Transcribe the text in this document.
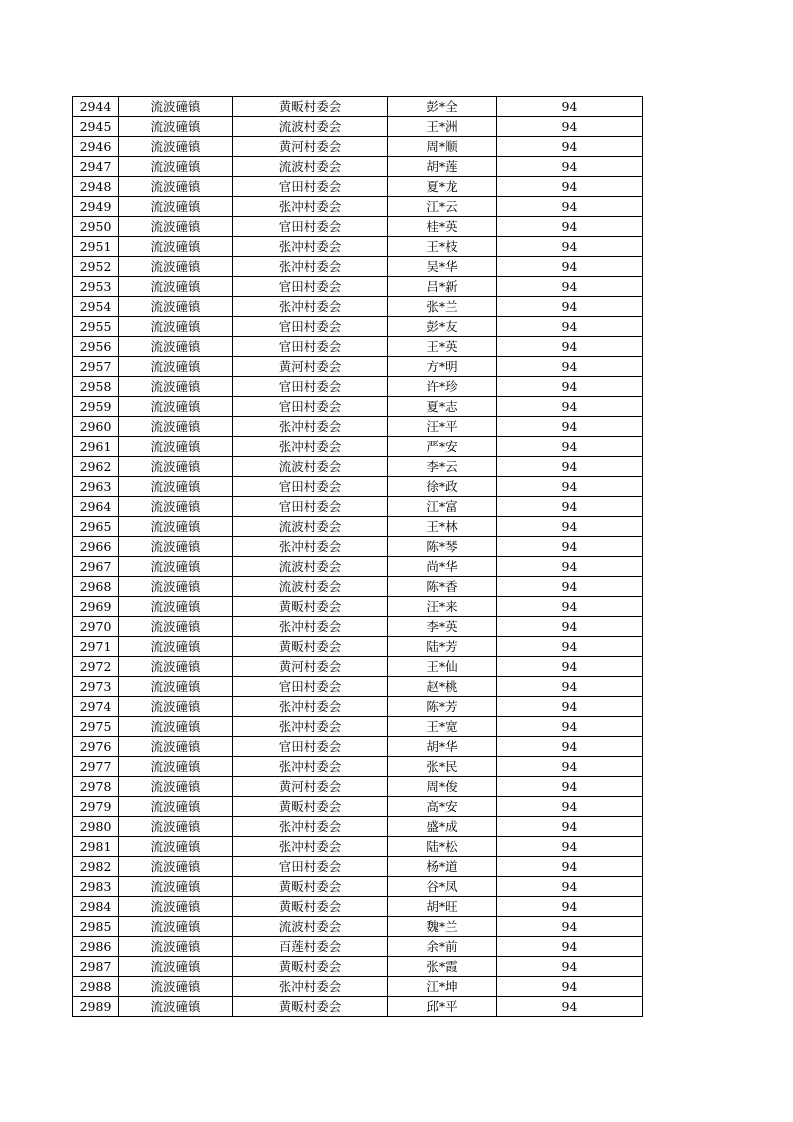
2944	流波䃥镇	黄畈村委会	彭*全	94
2945	流波䃥镇	流波村委会	王*洲	94
2946	流波䃥镇	黄河村委会	周*顺	94
2947	流波䃥镇	流波村委会	胡*莲	94
2948	流波䃥镇	官田村委会	夏*龙	94
2949	流波䃥镇	张冲村委会	江*云	94
2950	流波䃥镇	官田村委会	桂*英	94
2951	流波䃥镇	张冲村委会	王*枝	94
2952	流波䃥镇	张冲村委会	吴*华	94
2953	流波䃥镇	官田村委会	吕*新	94
2954	流波䃥镇	张冲村委会	张*兰	94
2955	流波䃥镇	官田村委会	彭*友	94
2956	流波䃥镇	官田村委会	王*英	94
2957	流波䃥镇	黄河村委会	方*明	94
2958	流波䃥镇	官田村委会	许*珍	94
2959	流波䃥镇	官田村委会	夏*志	94
2960	流波䃥镇	张冲村委会	汪*平	94
2961	流波䃥镇	张冲村委会	严*安	94
2962	流波䃥镇	流波村委会	李*云	94
2963	流波䃥镇	官田村委会	徐*政	94
2964	流波䃥镇	官田村委会	江*富	94
2965	流波䃥镇	流波村委会	王*林	94
2966	流波䃥镇	张冲村委会	陈*琴	94
2967	流波䃥镇	流波村委会	尚*华	94
2968	流波䃥镇	流波村委会	陈*香	94
2969	流波䃥镇	黄畈村委会	汪*来	94
2970	流波䃥镇	张冲村委会	李*英	94
2971	流波䃥镇	黄畈村委会	陆*芳	94
2972	流波䃥镇	黄河村委会	王*仙	94
2973	流波䃥镇	官田村委会	赵*桃	94
2974	流波䃥镇	张冲村委会	陈*芳	94
2975	流波䃥镇	张冲村委会	王*宽	94
2976	流波䃥镇	官田村委会	胡*华	94
2977	流波䃥镇	张冲村委会	张*民	94
2978	流波䃥镇	黄河村委会	周*俊	94
2979	流波䃥镇	黄畈村委会	高*安	94
2980	流波䃥镇	张冲村委会	盛*成	94
2981	流波䃥镇	张冲村委会	陆*松	94
2982	流波䃥镇	官田村委会	杨*道	94
2983	流波䃥镇	黄畈村委会	谷*凤	94
2984	流波䃥镇	黄畈村委会	胡*旺	94
2985	流波䃥镇	流波村委会	魏*兰	94
2986	流波䃥镇	百莲村委会	余*前	94
2987	流波䃥镇	黄畈村委会	张*霞	94
2988	流波䃥镇	张冲村委会	江*坤	94
2989	流波䃥镇	黄畈村委会	邱*平	94
